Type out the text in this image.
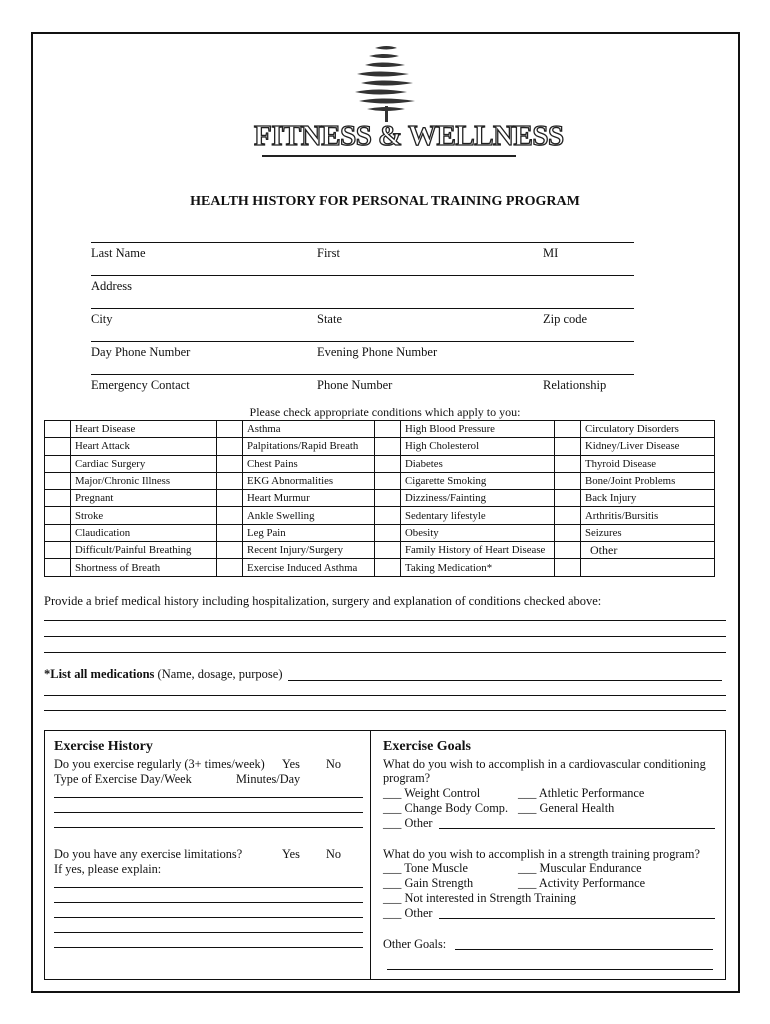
FITNESS & WELLNESS
HEALTH HISTORY FOR PERSONAL TRAINING PROGRAM
Last Name	First	MI
Address
City	State	Zip code
Day Phone Number	Evening Phone Number
Emergency Contact	Phone Number	Relationship
Please check appropriate conditions which apply to you:
	Heart Disease		Asthma		High Blood Pressure		Circulatory Disorders
	Heart Attack		Palpitations/Rapid Breath		High Cholesterol		Kidney/Liver Disease
	Cardiac Surgery		Chest Pains		Diabetes		Thyroid Disease
	Major/Chronic Illness		EKG Abnormalities		Cigarette Smoking		Bone/Joint Problems
	Pregnant		Heart Murmur		Dizziness/Fainting		Back Injury
	Stroke		Ankle Swelling		Sedentary lifestyle		Arthritis/Bursitis
	Claudication		Leg Pain		Obesity		Seizures
	Difficult/Painful Breathing		Recent Injury/Surgery		Family History of Heart Disease		Other
	Shortness of Breath		Exercise Induced Asthma		Taking Medication*		
Provide a brief medical history including hospitalization, surgery and explanation of conditions checked above:
*List all medications (Name, dosage, purpose)
Exercise History
Do you exercise regularly (3+ times/week) Yes No
Type of Exercise Day/Week	Minutes/Day
Do you have any exercise limitations?	Yes No
If yes, please explain:
Exercise Goals
What do you wish to accomplish in a cardiovascular conditioning
program?
___ Weight Control	___ Athletic Performance
___ Change Body Comp. ___ General Health
___ Other
What do you wish to accomplish in a strength training program?
___ Tone Muscle	___ Muscular Endurance
___ Gain Strength	___ Activity Performance
___ Not interested in Strength Training
___ Other
Other Goals:
